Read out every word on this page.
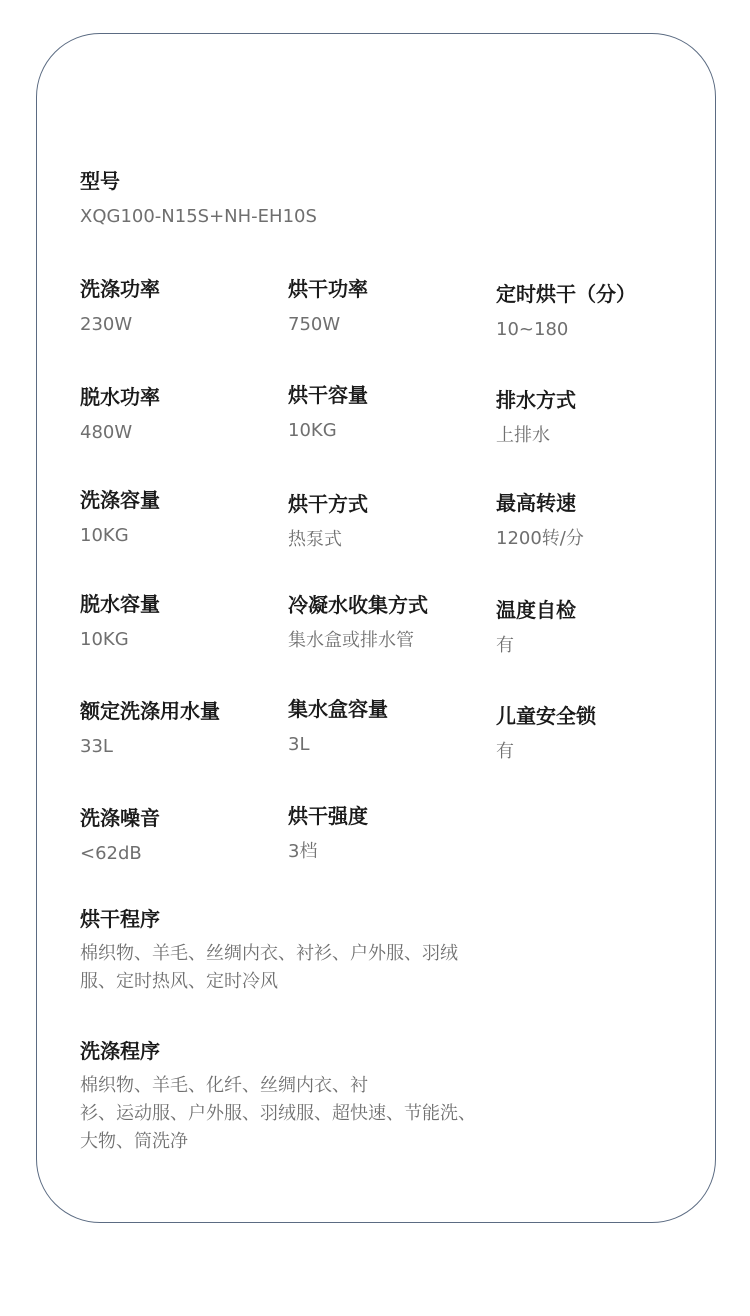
型号
XQG100-N15S+NH-EH10S
洗涤功率
230W
烘干功率
750W
定时烘干（分）
10~180
脱水功率
480W
烘干容量
10KG
排水方式
上排水
洗涤容量
10KG
烘干方式
热泵式
最高转速
1200转/分
脱水容量
10KG
冷凝水收集方式
集水盒或排水管
温度自检
有
额定洗涤用水量
33L
集水盒容量
3L
儿童安全锁
有
洗涤噪音
<62dB
烘干强度
3档
烘干程序
棉织物、羊毛、丝绸内衣、衬衫、户外服、羽绒
服、定时热风、定时冷风
洗涤程序
棉织物、羊毛、化纤、丝绸内衣、衬
衫、运动服、户外服、羽绒服、超快速、节能洗、
大物、筒洗净
